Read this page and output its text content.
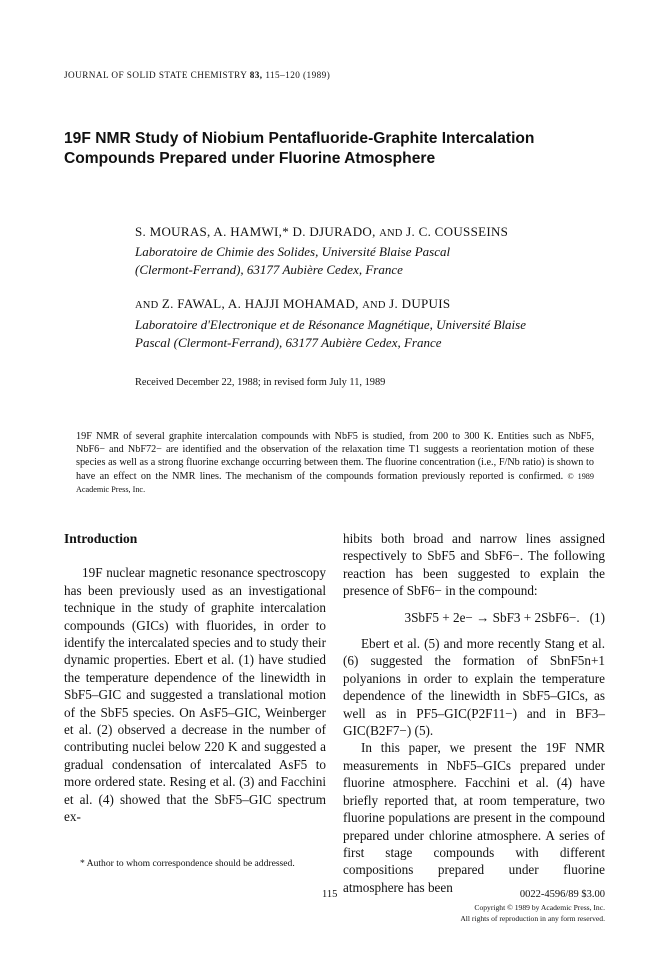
JOURNAL OF SOLID STATE CHEMISTRY 83, 115–120 (1989)
19F NMR Study of Niobium Pentafluoride-Graphite Intercalation
Compounds Prepared under Fluorine Atmosphere
S. MOURAS, A. HAMWI,* D. DJURADO, AND J. C. COUSSEINS
Laboratoire de Chimie des Solides, Université Blaise Pascal
(Clermont-Ferrand), 63177 Aubière Cedex, France
AND Z. FAWAL, A. HAJJI MOHAMAD, AND J. DUPUIS
Laboratoire d'Electronique et de Résonance Magnétique, Université Blaise
Pascal (Clermont-Ferrand), 63177 Aubière Cedex, France
Received December 22, 1988; in revised form July 11, 1989
19F NMR of several graphite intercalation compounds with NbF5 is studied, from 200 to 300 K. Entities such as NbF5, NbF6− and NbF72− are identified and the observation of the relaxation time T1 suggests a reorientation motion of these species as well as a strong fluorine exchange occurring between them. The fluorine concentration (i.e., F/Nb ratio) is shown to have an effect on the NMR lines. The mechanism of the compounds formation previously reported is confirmed. © 1989 Academic Press, Inc.

Introduction

19F nuclear magnetic resonance spectroscopy has been previously used as an investigational technique in the study of graphite intercalation compounds (GICs) with fluorides, in order to identify the intercalated species and to study their dynamic properties. Ebert et al. (1) have studied the temperature dependence of the linewidth in SbF5–GIC and suggested a translational motion of the SbF5 species. On AsF5–GIC, Weinberger et al. (2) observed a decrease in the number of contributing nuclei below 220 K and suggested a gradual condensation of intercalated AsF5 to more ordered state. Resing et al. (3) and Facchini et al. (4) showed that the SbF5–GIC spectrum ex-

* Author to whom correspondence should be addressed.

hibits both broad and narrow lines assigned respectively to SbF5 and SbF6−. The following reaction has been suggested to explain the presence of SbF6− in the compound:

3SbF5 + 2e− → SbF3 + 2SbF6−. (1)

Ebert et al. (5) and more recently Stang et al. (6) suggested the formation of SbnF5n+1 polyanions in order to explain the temperature dependence of the linewidth in SbF5–GICs, as well as in PF5–GIC(P2F11−) and in BF3–GIC(B2F7−) (5).

In this paper, we present the 19F NMR measurements in NbF5–GICs prepared under fluorine atmosphere. Facchini et al. (4) have briefly reported that, at room temperature, two fluorine populations are present in the compound prepared under chlorine atmosphere. A series of first stage compounds with different compositions prepared under fluorine atmosphere has been

115	0022-4596/89 $3.00
Copyright © 1989 by Academic Press, Inc.
All rights of reproduction in any form reserved.
